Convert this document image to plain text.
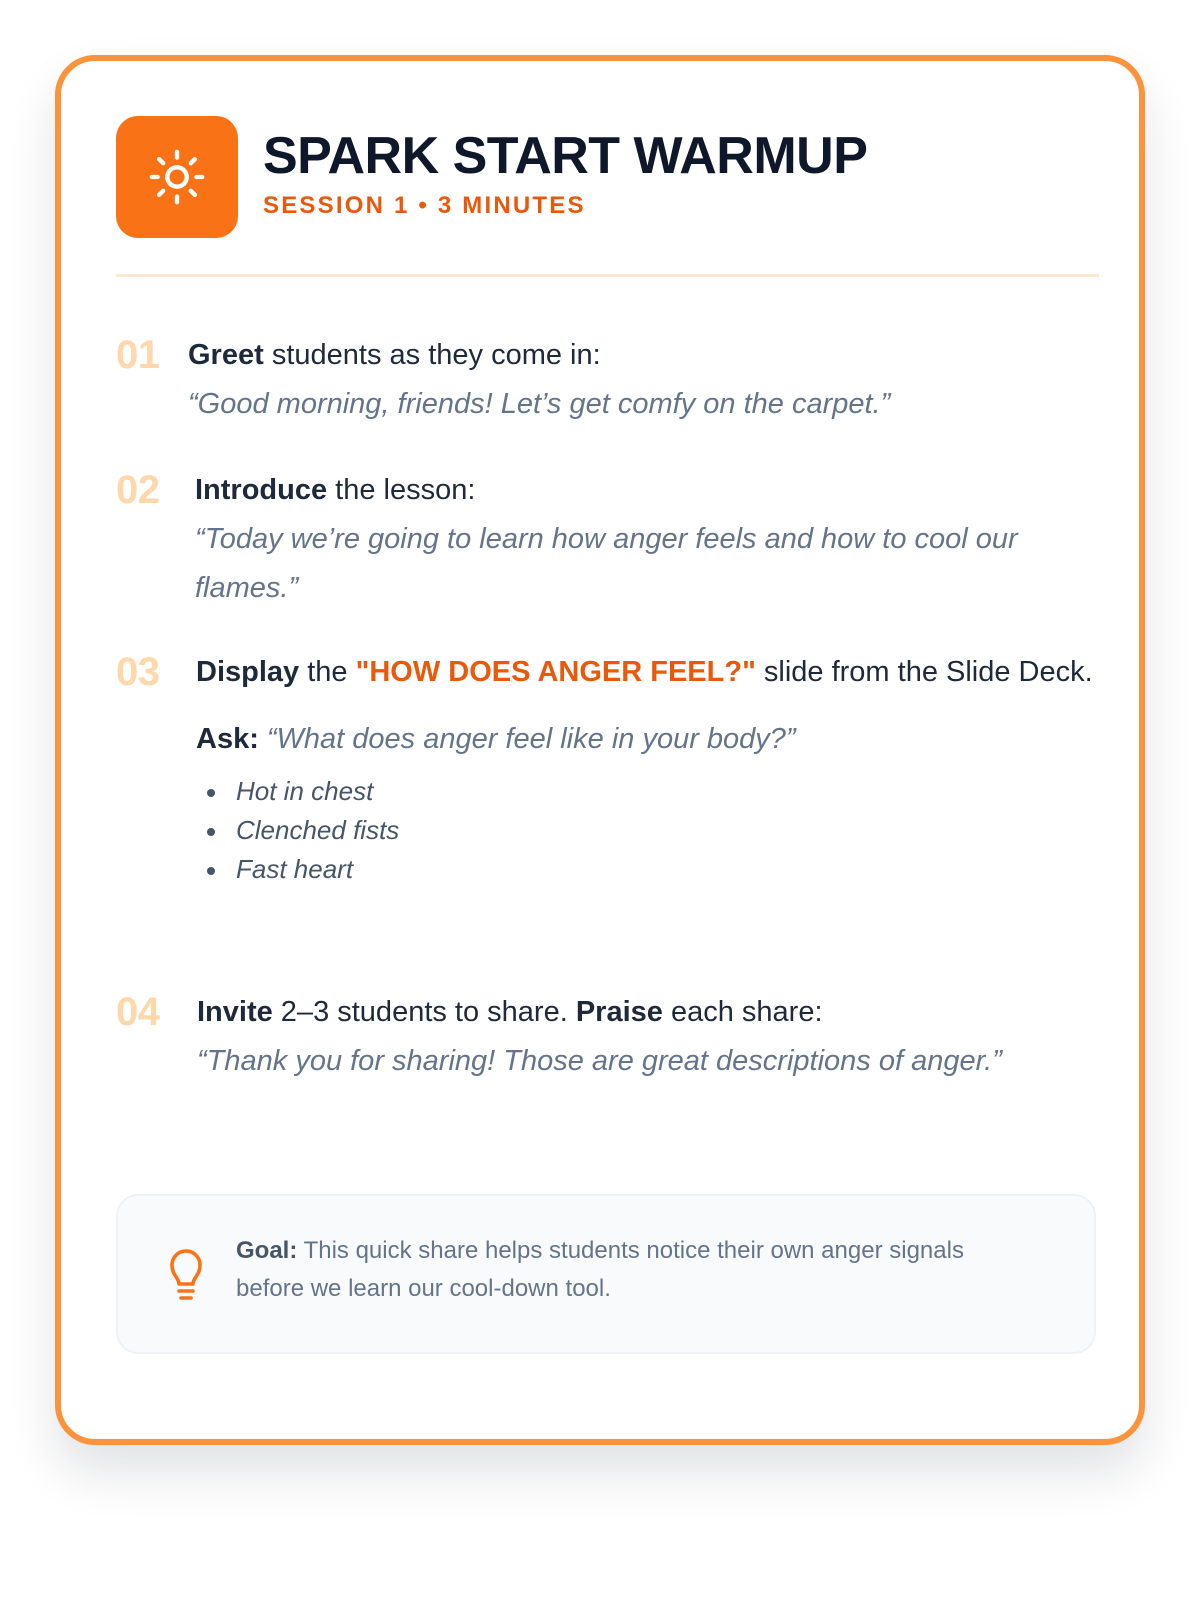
SPARK START WARMUP
SESSION 1 • 3 MINUTES
01 Greet students as they come in:
“Good morning, friends! Let’s get comfy on the carpet.”
02 Introduce the lesson:
“Today we’re going to learn how anger feels and how to cool our flames.”
03 Display the "HOW DOES ANGER FEEL?" slide from the Slide Deck.
Ask: “What does anger feel like in your body?”
Hot in chest
Clenched fists
Fast heart
04 Invite 2–3 students to share. Praise each share:
“Thank you for sharing! Those are great descriptions of anger.”
Goal: This quick share helps students notice their own anger signals before we learn our cool-down tool.
